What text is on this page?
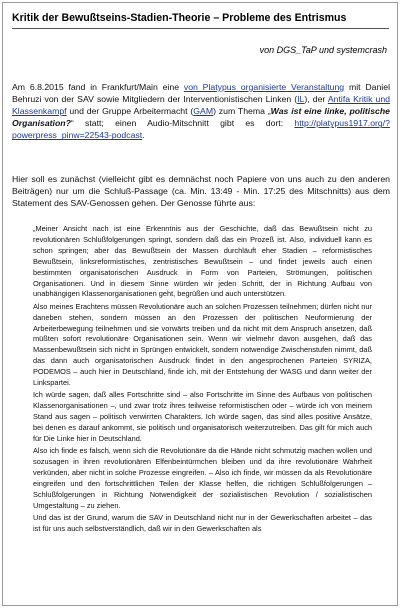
Kritik der Bewußtseins-Stadien-Theorie – Probleme des Entrismus
von DGS_TaP und systemcrash
Am 6.8.2015 fand in Frankfurt/Main eine von Platypus organisierte Veranstaltung mit Daniel Behruzi von der SAV sowie Mitgliedern der Interventionistischen Linken (IL), der Antifa Kritik und Klassenkampf und der Gruppe Arbeitermacht (GAM) zum Thema „Was ist eine linke, politische Organisation?“ statt; einen Audio-Mitschnitt gibt es dort: http://platypus1917.org/?powerpress_pinw=22543-podcast.
Hier soll es zunächst (vielleicht gibt es demnächst noch Papiere von uns auch zu den anderen Beiträgen) nur um die Schluß-Passage (ca. Min. 13:49 - Min. 17:25 des Mitschnitts) aus dem Statement des SAV-Genossen gehen. Der Genosse führte aus:

„Meiner Ansicht nach ist eine Erkenntnis aus der Geschichte, daß das Bewußtsein nicht zu revolutionären Schlußfolgerungen springt, sondern daß das ein Prozeß ist. Also, individuell kann es schon springen; aber das Bewußtsein der Massen durchläuft eher Stadien – reformistisches Bewußtsein, linksreformistisches, zentristisches Bewußtsein – und findet jeweils auch einen bestimmten organisatorischen Ausdruck in Form von Parteien, Strömungen, politischen Organisationen. Und in diesem Sinne würden wir jeden Schritt, der in Richtung Aufbau von unabhängigen Klassenorganisationen geht, begrüßen und auch unterstützen.

Also meines Erachtens müssen Revolutionäre auch an solchen Prozessen teilnehmen; dürfen nicht nur daneben stehen, sondern müssen an den Prozessen der politischen Neuformierung der Arbeiterbewegung teilnehmen und sie vorwärts treiben und da nicht mit dem Anspruch ansetzen, daß müßten sofort revolutionäre Organisationen sein. Wenn wir vielmehr davon ausgehen, daß das Massenbewußtsein sich nicht in Sprüngen entwickelt, sondern notwendige Zwischenstufen nimmt, daß das dann auch organisatorischen Ausdruck findet in den angesprochenen Parteien SYRIZA, PODEMOS – auch hier in Deutschland, finde ich, mit der Entstehung der WASG und dann weiter der Linkspartei.

Ich würde sagen, daß alles Fortschritte sind – also Fortschritte im Sinne des Aufbaus von politischen Klassenorganisationen –, und zwar trotz ihres teilweise reformistischen oder – würde ich von meinem Stand aus sagen – politisch verwirrten Charakters. Ich würde sagen, das sind alles positive Ansätze, bei denen es darauf ankommt, sie politisch und organisatorisch weiterzutreiben. Das gilt für mich auch für Die Linke hier in Deutschland.

Also ich finde es falsch, wenn sich die Revolutionäre da die Hände nicht schmutzig machen wollen und sozusagen in ihren revolutionären Elfenbeintürmchen bleiben und da ihre revolutionäre Wahrheit verkünden, aber nicht in solche Prozesse eingreifen. – Also ich finde, wir müssen da als Revolutionäre eingreifen und den fortschrittlichen Teilen der Klasse helfen, die richtigen Schlußfolgerungen – Schlußfolgerungen in Richtung Notwendigkeit der sozialistischen Revolution / sozialistischen Umgestaltung – zu ziehen.

Und das ist der Grund, warum die SAV in Deutschland nicht nur in der Gewerkschaften arbeitet – das ist für uns auch selbstverständlich, daß wir in den Gewerkschaften als
